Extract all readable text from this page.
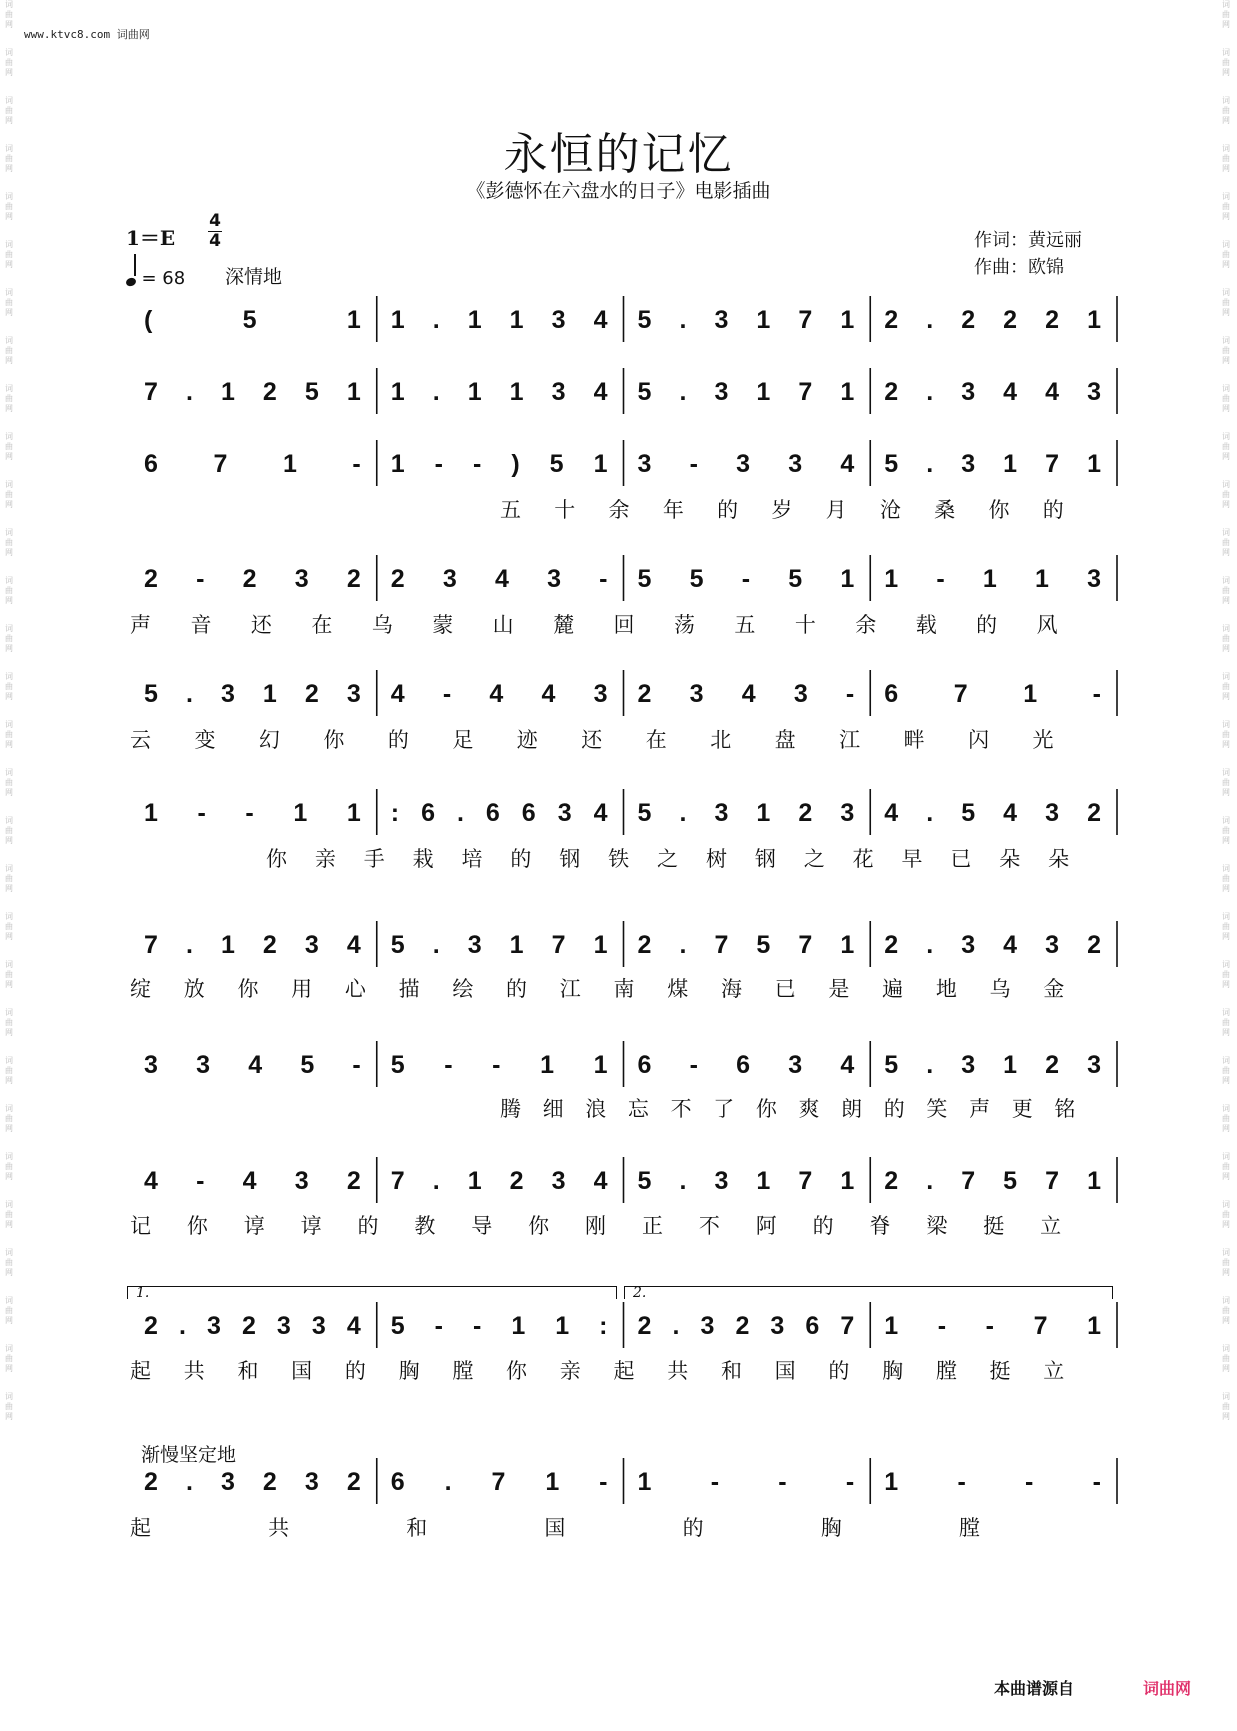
词
曲
网
词
曲
网
词
曲
网
词
曲
网
词
曲
网
词
曲
网
词
曲
网
词
曲
网
词
曲
网
词
曲
网
词
曲
网
词
曲
网
词
曲
网
词
曲
网
词
曲
网
词
曲
网
词
曲
网
词
曲
网
词
曲
网
词
曲
网
词
曲
网
词
曲
网
词
曲
网
词
曲
网
词
曲
网
词
曲
网
词
曲
网
词
曲
网
词
曲
网
词
曲
网
词
曲
网
词
曲
网
词
曲
网
词
曲
网
词
曲
网
词
曲
网
词
曲
网
词
曲
网
词
曲
网
词
曲
网
词
曲
网
词
曲
网
词
曲
网
词
曲
网
词
曲
网
词
曲
网
词
曲
网
词
曲
网
词
曲
网
词
曲
网
词
曲
网
词
曲
网
词
曲
网
词
曲
网
词
曲
网
词
曲
网
词
曲
网
词
曲
网
词
曲
网
词
曲
网
www.ktvc8.com 词曲网
永恒的记忆
《彭德怀在六盘水的日子》电影插曲
1＝E
4
4
= 68 深情地
作词：黄远丽
作曲：欧锦
( 5 1 1 . 1 1 3 4 5 . 3 1 7 1 2 . 2 2 2 1
7 . 1 2 5 1 1 . 1 1 3 4 5 . 3 1 7 1 2 . 3 4 4 3
6 7 1 - 1 - - ) 5 1 3 - 3 3 4 5 . 3 1 7 1
五 十 余 年 的 岁 月 沧 桑 你 的
2 - 2 3 2 2 3 4 3 - 5 5 - 5 1 1 - 1 1 3
声 音 还 在 乌 蒙 山 麓 回 荡 五 十 余 载 的 风
5 . 3 1 2 3 4 - 4 4 3 2 3 4 3 - 6 7 1 -
云 变 幻 你 的 足 迹 还 在 北 盘 江 畔 闪 光
1 - - 1 1 : 6 . 6 6 3 4 5 . 3 1 2 3 4 . 5 4 3 2
你 亲 手 栽 培 的 钢 铁 之 树 钢 之 花 早 已 朵 朵
7 . 1 2 3 4 5 . 3 1 7 1 2 . 7 5 7 1 2 . 3 4 3 2
绽 放 你 用 心 描 绘 的 江 南 煤 海 已 是 遍 地 乌 金
3 3 4 5 - 5 - - 1 1 6 - 6 3 4 5 . 3 1 2 3
腾 细 浪 忘 不 了 你 爽 朗 的 笑 声 更 铭
4 - 4 3 2 7 . 1 2 3 4 5 . 3 1 7 1 2 . 7 5 7 1
记 你 谆 谆 的 教 导 你 刚 正 不 阿 的 脊 梁 挺 立
2 . 3 2 3 3 4 5 - - 1 1 : 2 . 3 2 3 6 7 1 - - 7 1
起 共 和 国 的 胸 膛 你 亲 起 共 和 国 的 胸 膛 挺 立
2 . 3 2 3 2 6 . 7 1 - 1 - - - 1 - - -
起	共	和	国	的	胸	膛
渐慢坚定地
1.	2.
本曲谱源自	词曲网
